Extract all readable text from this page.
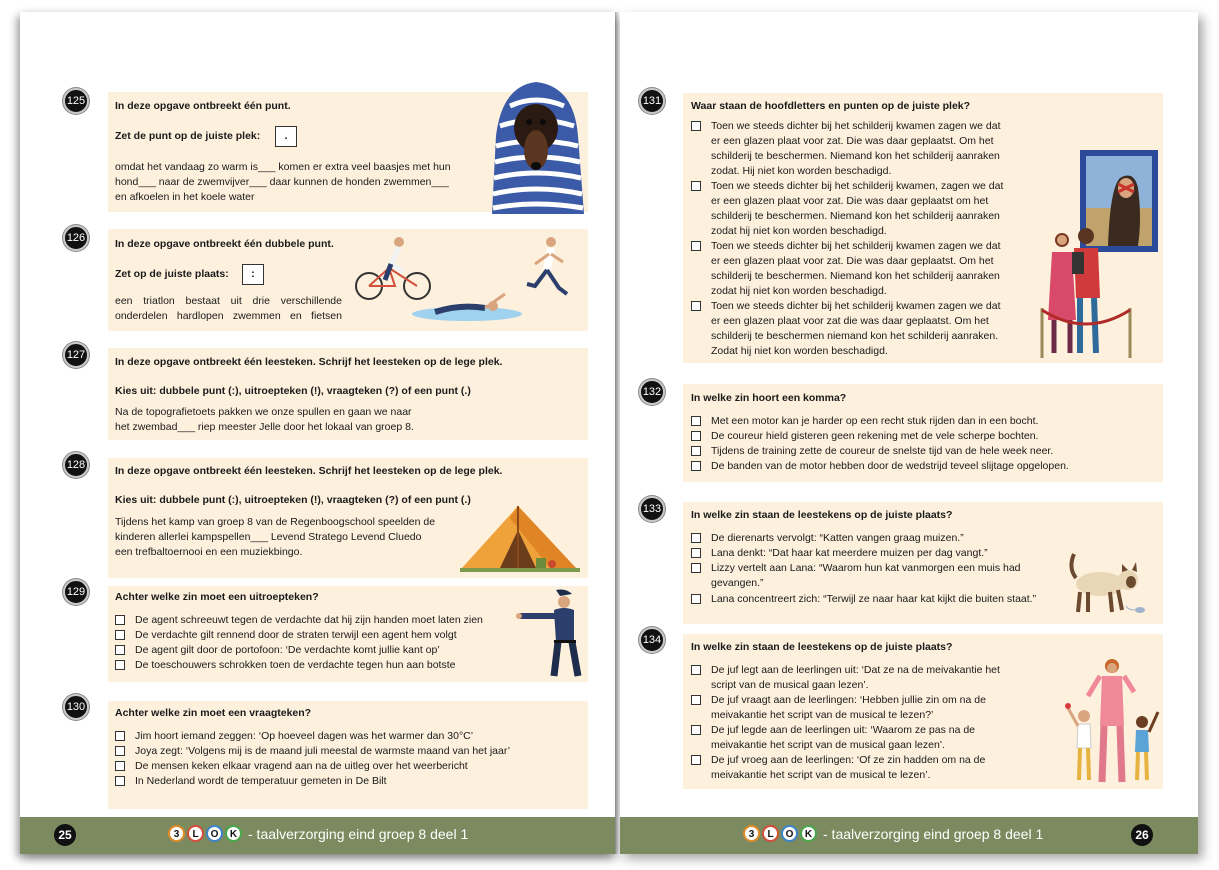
125	In deze opgave ontbreekt één punt.
Zet de punt op de juiste plek:	.
omdat het vandaag zo warm is___ komen er extra veel baasjes met hun
hond___ naar de zwemvijver___ daar kunnen de honden zwemmen___
en afkoelen in het koele water
126	In deze opgave ontbreekt één dubbele punt.
Zet op de juiste plaats:	:
een triatlon bestaat uit drie verschillende
onderdelen hardlopen zwemmen en fietsen
127
In deze opgave ontbreekt één leesteken. Schrijf het leesteken op de lege plek.
Kies uit: dubbele punt (:), uitroepteken (!), vraagteken (?) of een punt (.)
Na de topografietoets pakken we onze spullen en gaan we naar
het zwembad___ riep meester Jelle door het lokaal van groep 8.
128	In deze opgave ontbreekt één leesteken. Schrijf het leesteken op de lege plek.
Kies uit: dubbele punt (:), uitroepteken (!), vraagteken (?) of een punt (.)
Tijdens het kamp van groep 8 van de Regenboogschool speelden de
kinderen allerlei kampspellen___ Levend Stratego Levend Cluedo
een trefbaltoernooi en een muziekbingo.
129	Achter welke zin moet een uitroepteken?
De agent schreeuwt tegen de verdachte dat hij zijn handen moet laten zien
De verdachte gilt rennend door de straten terwijl een agent hem volgt
De agent gilt door de portofoon: ‘De verdachte komt jullie kant op’
De toeschouwers schrokken toen de verdachte tegen hun aan botste
130	Achter welke zin moet een vraagteken?
Jim hoort iemand zeggen: ‘Op hoeveel dagen was het warmer dan 30°C’
Joya zegt: ‘Volgens mij is de maand juli meestal de warmste maand van het jaar’
De mensen keken elkaar vragend aan na de uitleg over het weerbericht
In Nederland wordt de temperatuur gemeten in De Bilt
25	3	L	O	K - taalverzorging eind groep 8 deel 1
131	Waar staan de hoofdletters en punten op de juiste plek?
Toen we steeds dichter bij het schilderij kwamen zagen we dat
er een glazen plaat voor zat. Die was daar geplaatst. Om het
schilderij te beschermen. Niemand kon het schilderij aanraken
zodat. Hij niet kon worden beschadigd.
Toen we steeds dichter bij het schilderij kwamen, zagen we dat
er een glazen plaat voor zat. Die was daar geplaatst om het
schilderij te beschermen. Niemand kon het schilderij aanraken
zodat hij niet kon worden beschadigd.
Toen we steeds dichter bij het schilderij kwamen zagen we dat
er een glazen plaat voor zat. Die was daar geplaatst. Om het
schilderij te beschermen. Niemand kon het schilderij aanraken
zodat hij niet kon worden beschadigd.
Toen we steeds dichter bij het schilderij kwamen zagen we dat
er een glazen plaat voor zat die was daar geplaatst. Om het
schilderij te beschermen niemand kon het schilderij aanraken.
Zodat hij niet kon worden beschadigd.
132	In welke zin hoort een komma?
Met een motor kan je harder op een recht stuk rijden dan in een bocht.
De coureur hield gisteren geen rekening met de vele scherpe bochten.
Tijdens de training zette de coureur de snelste tijd van de hele week neer.
De banden van de motor hebben door de wedstrijd teveel slijtage opgelopen.
133	In welke zin staan de leestekens op de juiste plaats?
De dierenarts vervolgt: “Katten vangen graag muizen.”
Lana denkt: “Dat haar kat meerdere muizen per dag vangt.”
Lizzy vertelt aan Lana: “Waarom hun kat vanmorgen een muis had
gevangen.”
Lana concentreert zich: “Terwijl ze naar haar kat kijkt die buiten staat.”
134
In welke zin staan de leestekens op de juiste plaats?
De juf legt aan de leerlingen uit: ‘Dat ze na de meivakantie het
script van de musical gaan lezen’.
De juf vraagt aan de leerlingen: ‘Hebben jullie zin om na de
meivakantie het script van de musical te lezen?’
De juf legde aan de leerlingen uit: ‘Waarom ze pas na de
meivakantie het script van de musical gaan lezen’.
De juf vroeg aan de leerlingen: ‘Of ze zin hadden om na de
meivakantie het script van de musical te lezen’.
3	L	O	K - taalverzorging eind groep 8 deel 1	26
